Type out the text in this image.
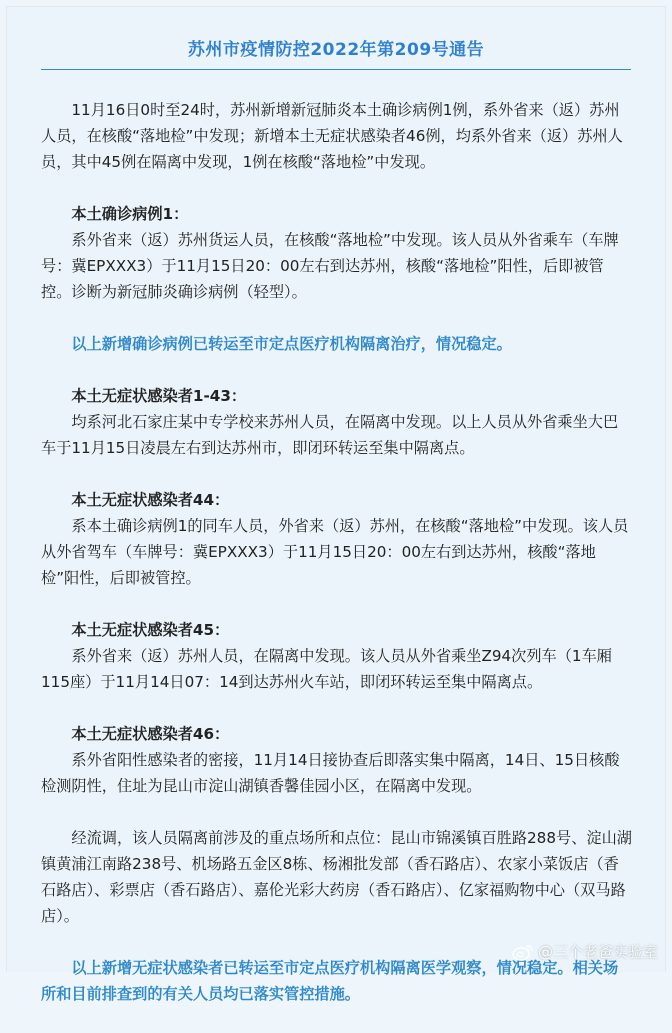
苏州市疫情防控2022年第209号通告

11月16日0时至24时，苏州新增新冠肺炎本土确诊病例1例，系外省来（返）苏州人员，在核酸“落地检”中发现；新增本土无症状感染者46例，均系外省来（返）苏州人员，其中45例在隔离中发现，1例在核酸“落地检”中发现。

本土确诊病例1：

系外省来（返）苏州货运人员，在核酸“落地检”中发现。该人员从外省乘车（车牌号：冀EPXXX3）于11月15日20：00左右到达苏州，核酸“落地检”阳性，后即被管控。诊断为新冠肺炎确诊病例（轻型）。

以上新增确诊病例已转运至市定点医疗机构隔离治疗，情况稳定。

本土无症状感染者1-43：

均系河北石家庄某中专学校来苏州人员，在隔离中发现。以上人员从外省乘坐大巴车于11月15日凌晨左右到达苏州市，即闭环转运至集中隔离点。

本土无症状感染者44：

系本土确诊病例1的同车人员，外省来（返）苏州，在核酸“落地检”中发现。该人员从外省驾车（车牌号：冀EPXXX3）于11月15日20：00左右到达苏州，核酸“落地检”阳性，后即被管控。

本土无症状感染者45：

系外省来（返）苏州人员，在隔离中发现。该人员从外省乘坐Z94次列车（1车厢115座）于11月14日07：14到达苏州火车站，即闭环转运至集中隔离点。

本土无症状感染者46：

系外省阳性感染者的密接，11月14日接协查后即落实集中隔离，14日、15日核酸检测阴性，住址为昆山市淀山湖镇香馨佳园小区，在隔离中发现。

经流调，该人员隔离前涉及的重点场所和点位：昆山市锦溪镇百胜路288号、淀山湖镇黄浦江南路238号、机场路五金区8栋、杨湘批发部（香石路店）、农家小菜饭店（香石路店）、彩票店（香石路店）、嘉伦光彩大药房（香石路店）、亿家福购物中心（双马路店）。

以上新增无症状感染者已转运至市定点医疗机构隔离医学观察，情况稳定。相关场所和目前排查到的有关人员均已落实管控措施。

@三个老爸实验室
